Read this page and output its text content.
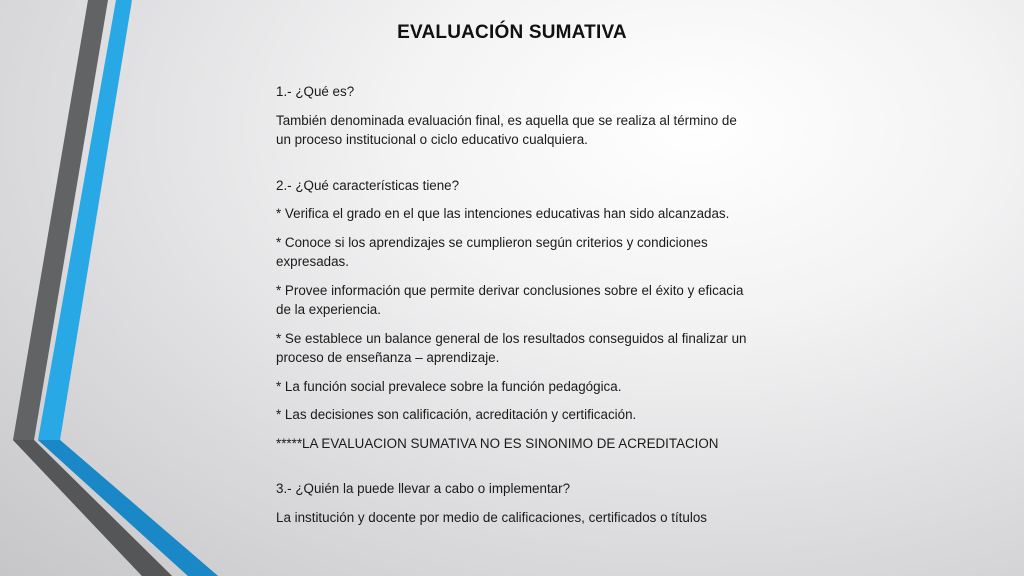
EVALUACIÓN SUMATIVA

1.- ¿Qué es?

También denominada evaluación final, es aquella que se realiza al término de un proceso institucional o ciclo educativo cualquiera.

2.- ¿Qué características tiene?

* Verifica el grado en el que las intenciones educativas han sido alcanzadas.

* Conoce si los aprendizajes se cumplieron según criterios y condiciones expresadas.

* Provee información que permite derivar conclusiones sobre el éxito y eficacia de la experiencia.

* Se establece un balance general de los resultados conseguidos al finalizar un proceso de enseñanza – aprendizaje.

* La función social prevalece sobre la función pedagógica.

* Las decisiones son calificación, acreditación y certificación.

*****LA EVALUACION SUMATIVA NO ES SINONIMO DE ACREDITACION

3.- ¿Quién la puede llevar a cabo o implementar?

La institución y docente por medio de calificaciones, certificados o títulos
